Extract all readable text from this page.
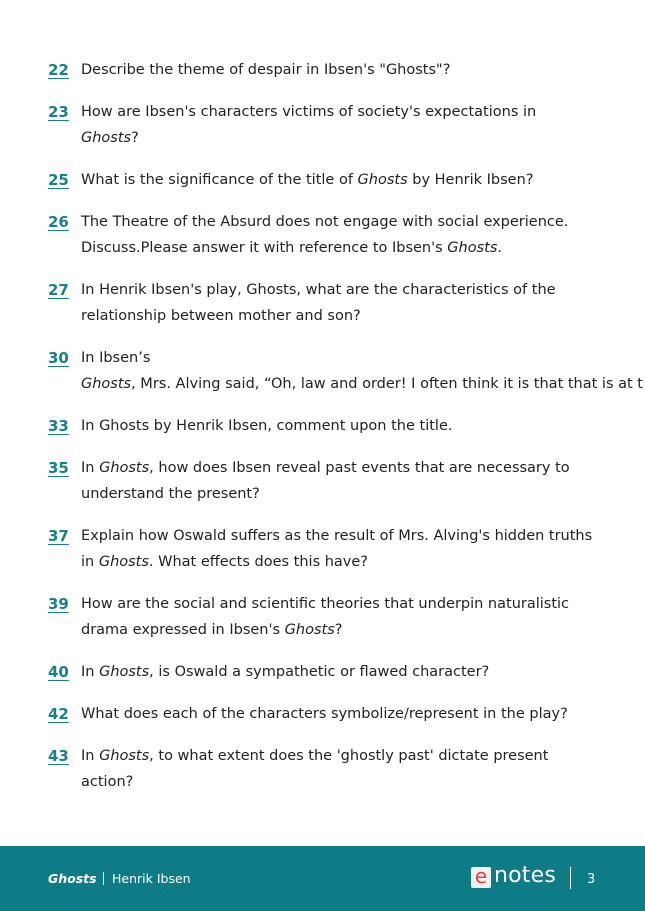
22 Describe the theme of despair in Ibsen's "Ghosts"?
23 How are Ibsen's characters victims of society's expectations in
Ghosts?
25 What is the significance of the title of Ghosts by Henrik Ibsen?
26 The Theatre of the Absurd does not engage with social experience.
Discuss.Please answer it with reference to Ibsen's Ghosts.
27 In Henrik Ibsen's play, Ghosts, what are the characteristics of the
relationship between mother and son?
30 In Ibsen’s
Ghosts, Mrs. Alving said, “Oh, law and order! I often think it is that that is at t
33 In Ghosts by Henrik Ibsen, comment upon the title.
35 In Ghosts, how does Ibsen reveal past events that are necessary to
understand the present?
37 Explain how Oswald suffers as the result of Mrs. Alving's hidden truths
in Ghosts. What effects does this have?
39 How are the social and scientific theories that underpin naturalistic
drama expressed in Ibsen's Ghosts?
40 In Ghosts, is Oswald a sympathetic or flawed character?
42 What does each of the characters symbolize/represent in the play?
43 In Ghosts, to what extent does the 'ghostly past' dictate present
action?
Ghosts Henrik Ibsen	e notes 3
